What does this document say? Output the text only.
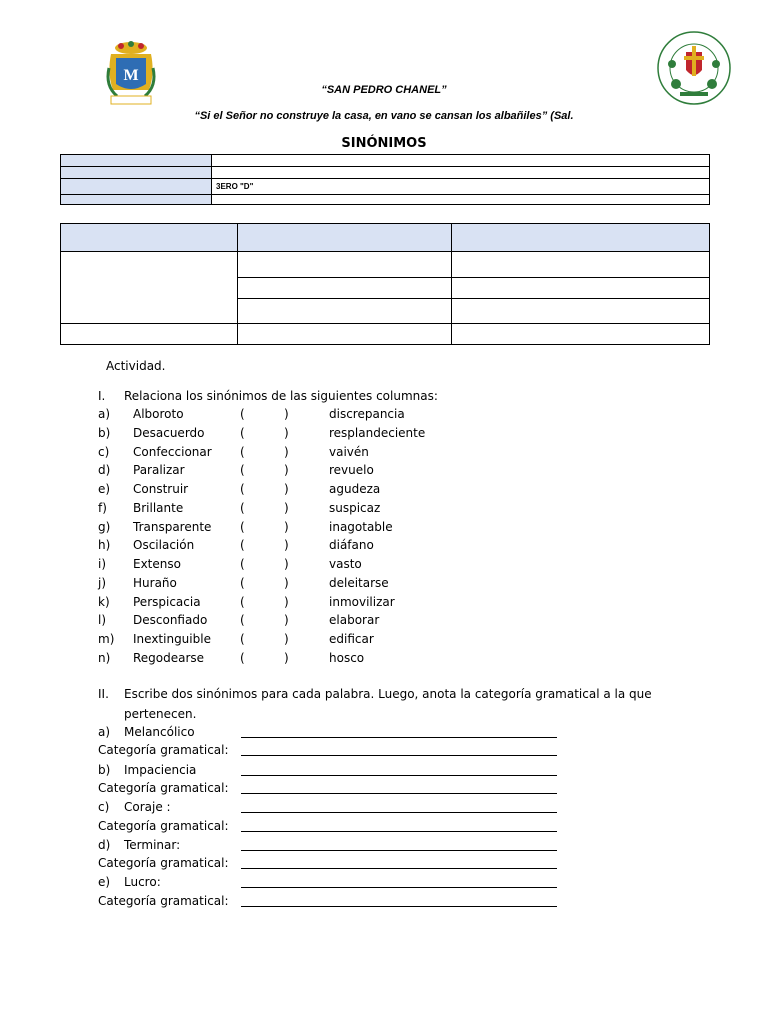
M
“SAN PEDRO CHANEL”
“Si el Señor no construye la casa, en vano se cansan los albañiles” (Sal.
SINÓNIMOS

	3ERO "D"

Actividad.
I. Relaciona los sinónimos de las siguientes columnas:
a) Alboroto	(	)	discrepancia
b) Desacuerdo	(	)	resplandeciente
c) Confeccionar (	)	vaivén
d) Paralizar	(	)	revuelo
e) Construir	(	)	agudeza
f) Brillante	(	)	suspicaz
g) Transparente (	)	inagotable
h) Oscilación	(	)	diáfano
i) Extenso	(	)	vasto
j) Huraño	(	)	deleitarse
k) Perspicacia	(	)	inmovilizar
l) Desconfiado	(	)	elaborar
m) Inextinguible (	)	edificar
n) Regodearse	(	)	hosco
II. Escribe dos sinónimos para cada palabra. Luego, anota la categoría gramatical a la que
pertenecen.
a) Melancólico
Categoría gramatical:
b) Impaciencia
Categoría gramatical:
c) Coraje :
Categoría gramatical:
d) Terminar:
Categoría gramatical:
e) Lucro:
Categoría gramatical:
